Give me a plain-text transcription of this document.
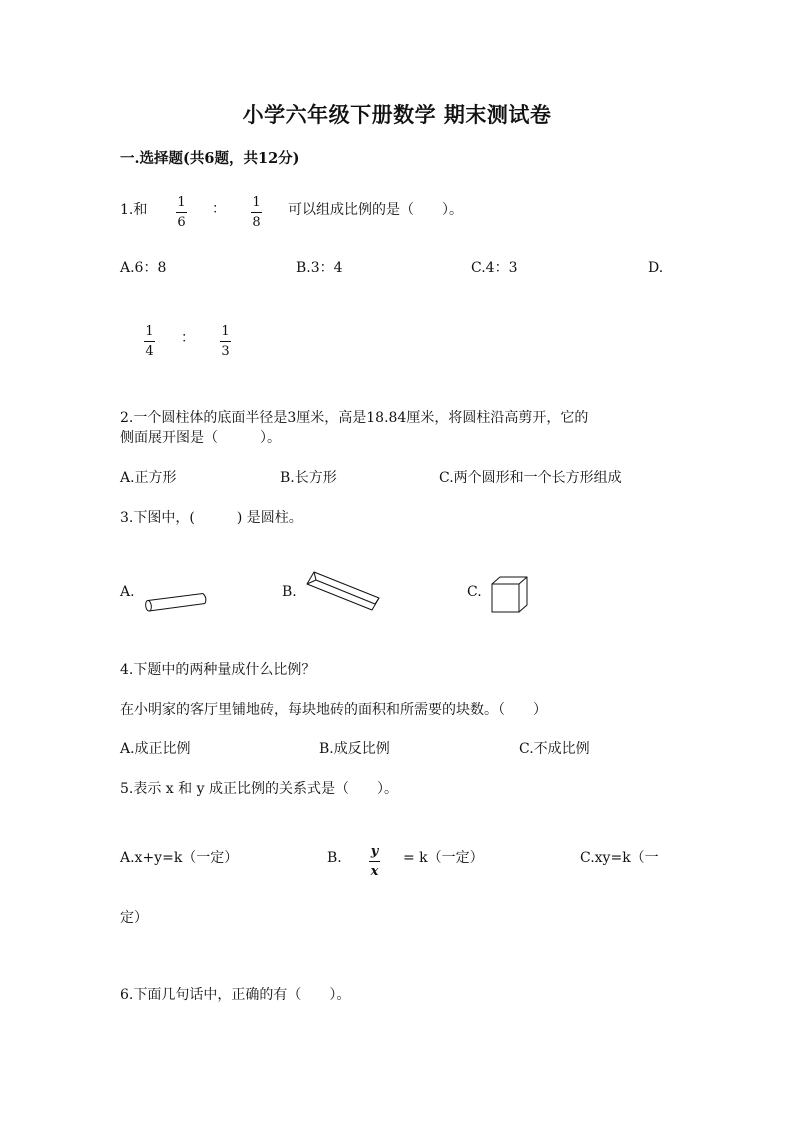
小学六年级下册数学 期末测试卷
一.选择题(共6题，共12分)
1.和 1
6
： 1
8
可以组成比例的是（　　）。
A.6：8	B.3：4	C.4：3	D.
1
4
： 1
3
2.一个圆柱体的底面半径是3厘米，高是18.84厘米，将圆柱沿高剪开，它的
侧面展开图是（　　　）。
A.正方形	B.长方形	C.两个圆形和一个长方形组成
3.下图中，(　　　) 是圆柱。
A.	B.	C.
4.下题中的两种量成什么比例？
在小明家的客厅里铺地砖，每块地砖的面积和所需要的块数。（　　）
A.成正比例	B.成反比例	C.不成比例
5.表示 x 和 y 成正比例的关系式是（　　）。
A.x+y=k（一定）	B. y
x
= k（一定）	C.xy=k（一
定）
6.下面几句话中，正确的有（　　）。
